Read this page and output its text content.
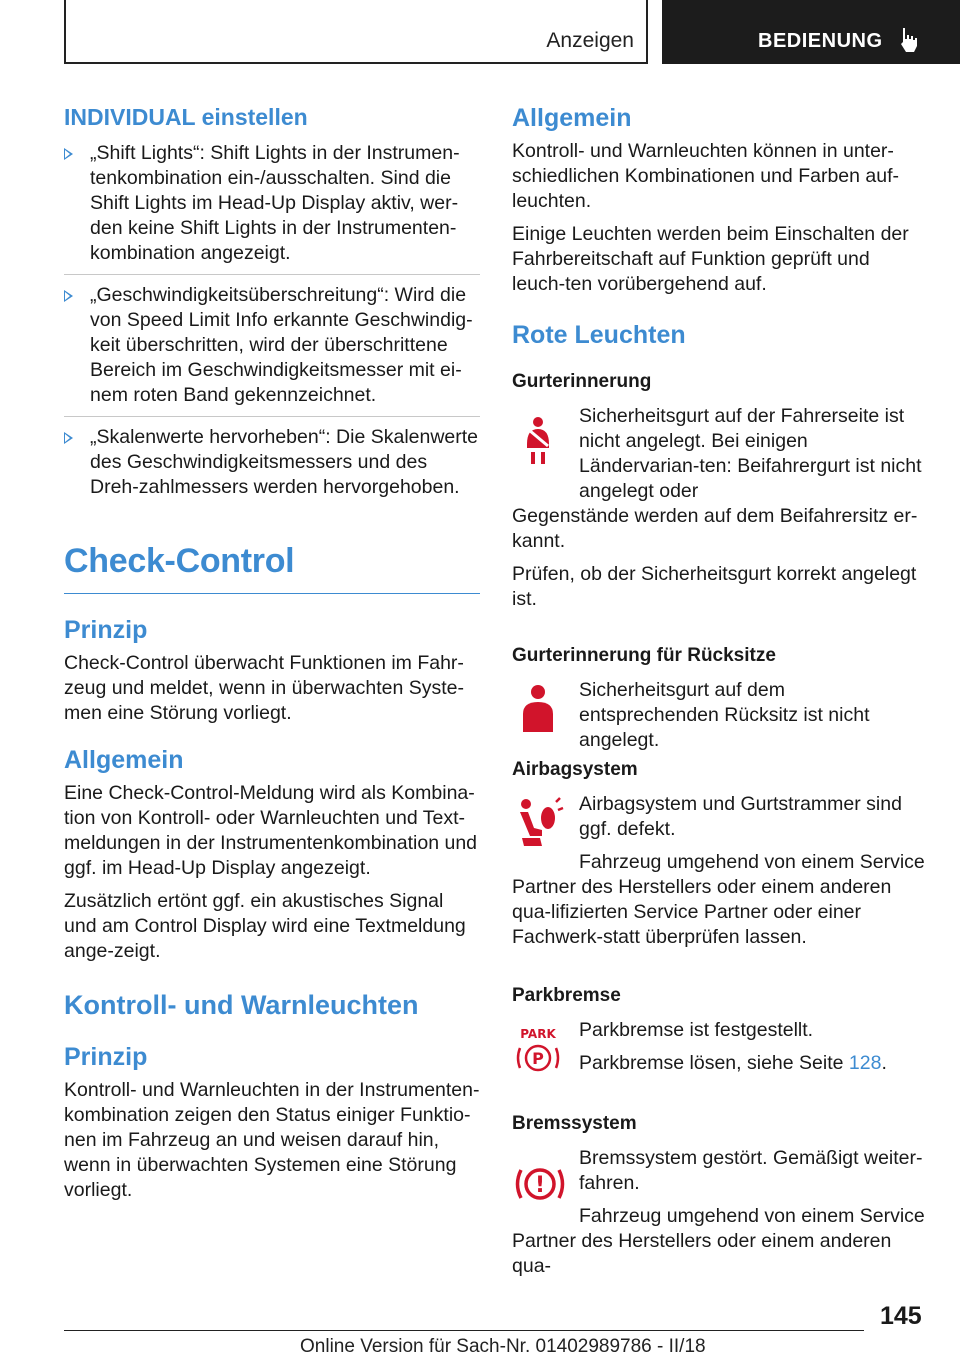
Anzeigen	BEDIENUNG
INDIVIDUAL einstellen

„Shift Lights“: Shift Lights in der Instrumen‐tenkombination ein-/ausschalten. Sind die Shift Lights im Head-Up Display aktiv, wer‐den keine Shift Lights in der Instrumenten‐kombination angezeigt.

„Geschwindigkeitsüberschreitung“: Wird die von Speed Limit Info erkannte Geschwindig‐keit überschritten, wird der überschrittene Bereich im Geschwindigkeitsmesser mit ei‐nem roten Band gekennzeichnet.

„Skalenwerte hervorheben“: Die Skalenwerte des Geschwindigkeitsmessers und des Dreh‐zahlmessers werden hervorgehoben.

Check-Control
Prinzip

Check-Control überwacht Funktionen im Fahr‐zeug und meldet, wenn in überwachten Syste‐men eine Störung vorliegt.

Allgemein

Eine Check-Control-Meldung wird als Kombina‐tion von Kontroll- oder Warnleuchten und Text‐meldungen in der Instrumentenkombination und ggf. im Head-Up Display angezeigt.

Zusätzlich ertönt ggf. ein akustisches Signal und am Control Display wird eine Textmeldung ange‐zeigt.

Kontroll- und Warnleuchten
Prinzip

Kontroll- und Warnleuchten in der Instrumenten‐kombination zeigen den Status einiger Funktio‐nen im Fahrzeug an und weisen darauf hin, wenn in überwachten Systemen eine Störung vorliegt.

Allgemein

Kontroll- und Warnleuchten können in unter‐schiedlichen Kombinationen und Farben auf‐leuchten.

Einige Leuchten werden beim Einschalten der Fahrbereitschaft auf Funktion geprüft und leuch‐ten vorübergehend auf.

Rote Leuchten

Gurterinnerung

Sicherheitsgurt auf der Fahrerseite ist nicht angelegt. Bei einigen Ländervarian‐ten: Beifahrergurt ist nicht angelegt oder

Gegenstände werden auf dem Beifahrersitz er‐kannt.

Prüfen, ob der Sicherheitsgurt korrekt angelegt ist.

Gurterinnerung für Rücksitze

Sicherheitsgurt auf dem entsprechenden Rücksitz ist nicht angelegt.

Airbagsystem

Airbagsystem und Gurtstrammer sind ggf. defekt.

Fahrzeug umgehend von einem Service

Partner des Herstellers oder einem anderen qua‐lifizierten Service Partner oder einer Fachwerk‐statt überprüfen lassen.

Parkbremse

PARK
P

Parkbremse ist festgestellt.

Parkbremse lösen, siehe Seite 128.

Bremssystem

!

Bremssystem gestört. Gemäßigt weiter‐fahren.

Fahrzeug umgehend von einem Service

Partner des Herstellers oder einem anderen qua‐

145
Online Version für Sach-Nr. 01402989786 - II/18
